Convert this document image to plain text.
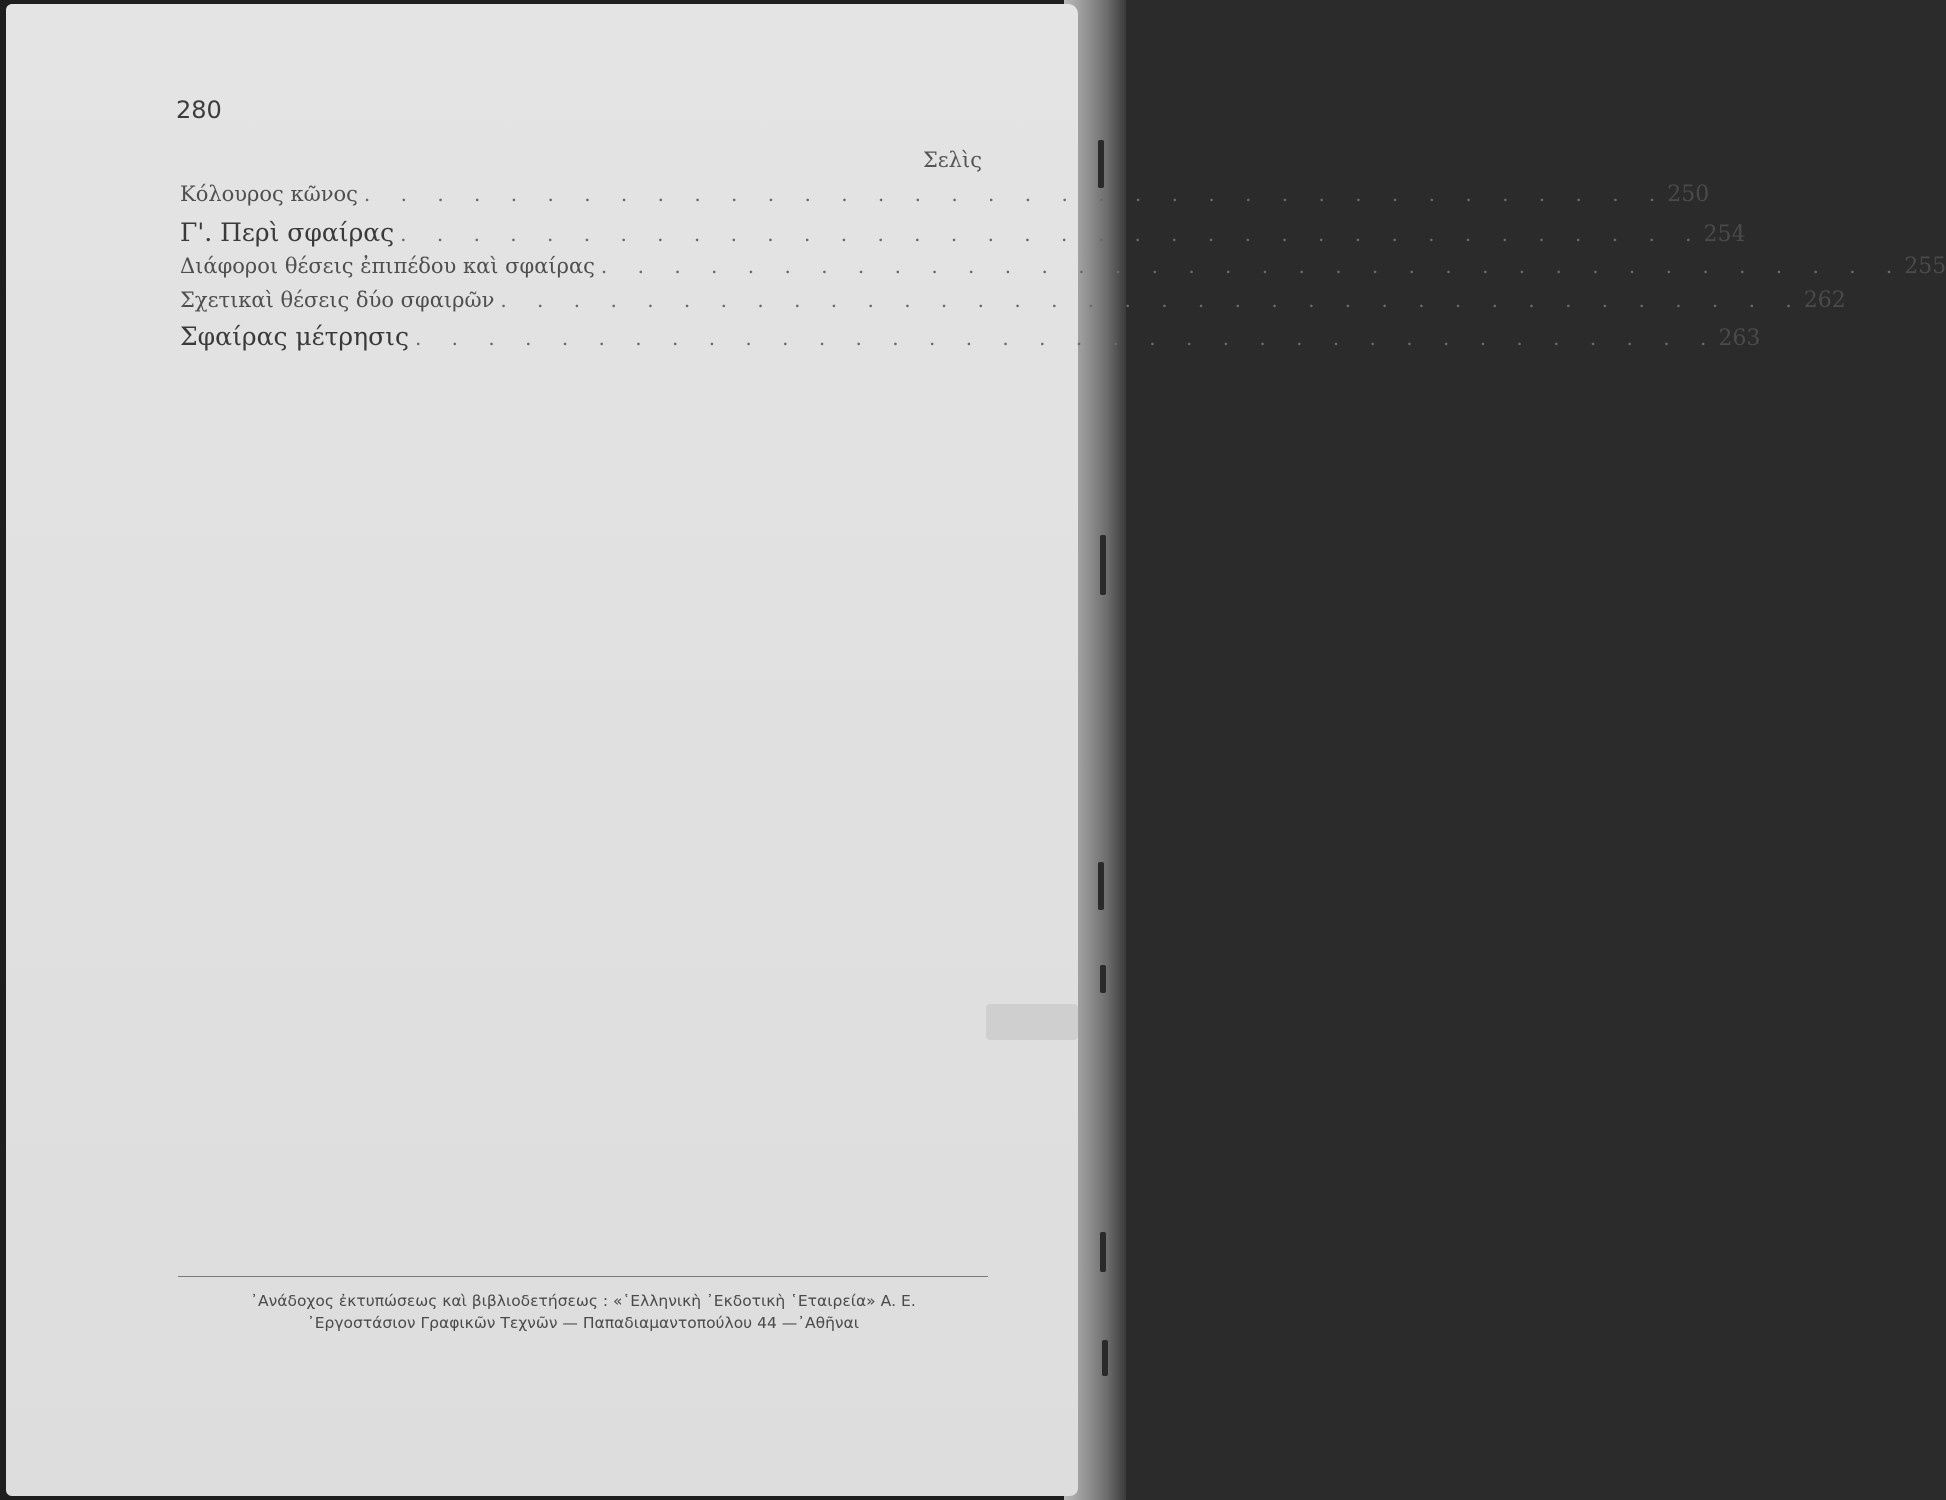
280
Σελὶς
Κόλουρος κῶνος . . . . . . . . . . . . . . . . . . . . . . . . . . . . . . . . . . . . 250
Γ'. Περὶ σφαίρας . . . . . . . . . . . . . . . . . . . . . . . . . . . . . . . . . . . . 254
Διάφοροι θέσεις ἐπιπέδου καὶ σφαίρας . . . . . . . . . . . . . . . . . . . . . . . . . . . . . . . . . . . . 255
Σχετικαὶ θέσεις δύο σφαιρῶν . . . . . . . . . . . . . . . . . . . . . . . . . . . . . . . . . . . . 262
Σφαίρας μέτρησις . . . . . . . . . . . . . . . . . . . . . . . . . . . . . . . . . . . . 263
᾿Ανάδοχος ἐκτυπώσεως καὶ βιβλιοδετήσεως : «῾Ελληνικὴ ᾿Εκδοτικὴ ῾Εταιρεία» Α. Ε.
᾿Εργοστάσιον Γραφικῶν Τεχνῶν — Παπαδιαμαντοπούλου 44 —᾿Αθῆναι
